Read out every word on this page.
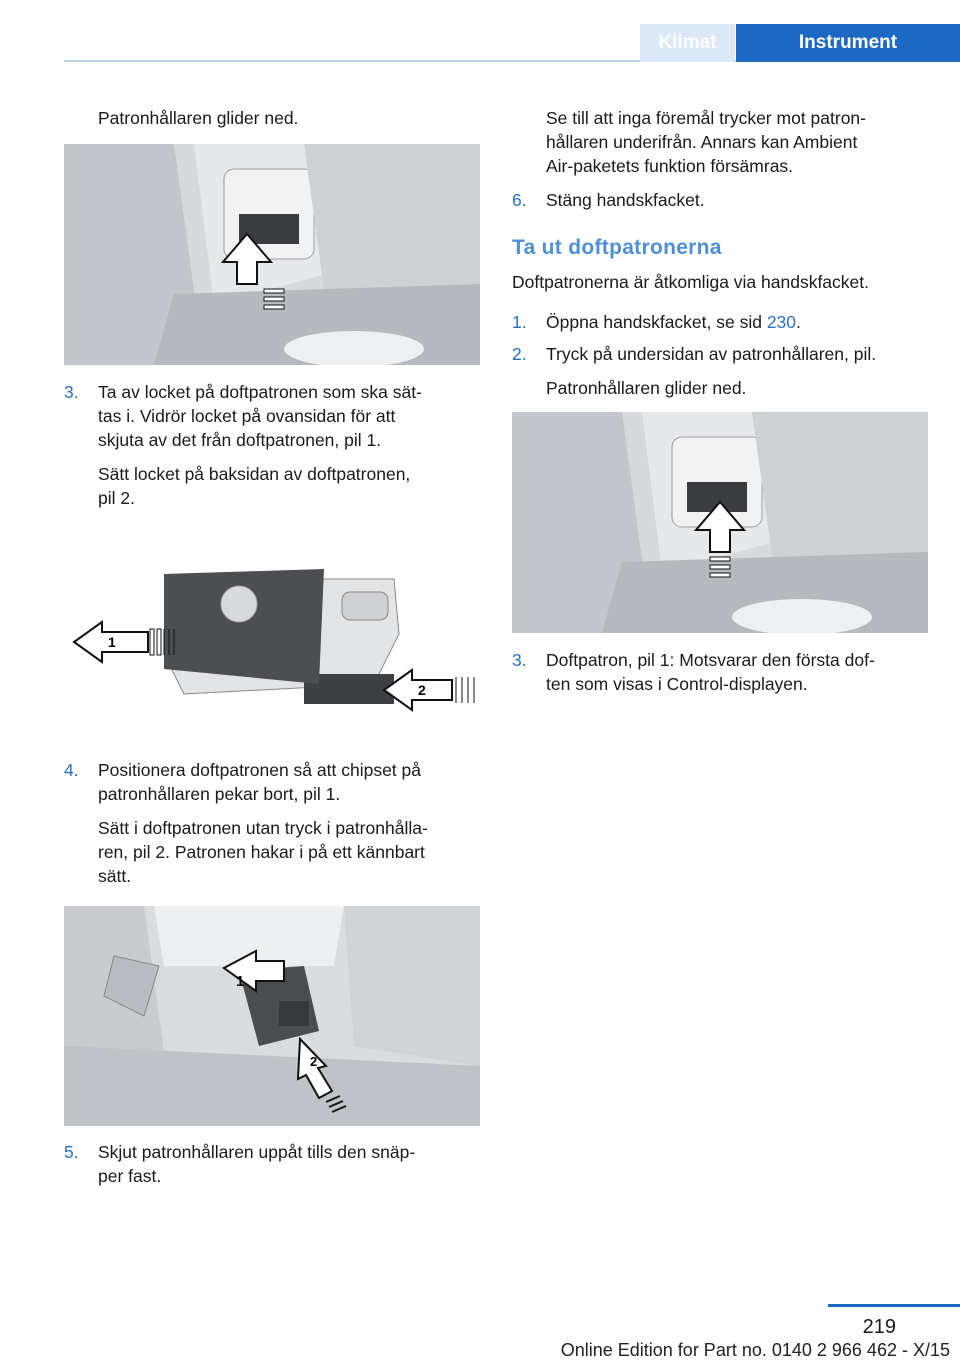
Klimat	Instrument
Patronhållaren glider ned.
3. Ta av locket på doftpatronen som ska sät‐

tas i. Vidrör locket på ovansidan för att

skjuta av det från doftpatronen, pil 1.

Sätt locket på baksidan av doftpatronen,

pil 2.

1
2
4. Positionera doftpatronen så att chipset på

patronhållaren pekar bort, pil 1.

Sätt i doftpatronen utan tryck i patronhålla‐

ren, pil 2. Patronen hakar i på ett kännbart

sätt.

1
2
5. Skjut patronhållaren uppåt tills den snäp‐

per fast.

Se till att inga föremål trycker mot patron‐

hållaren underifrån. Annars kan Ambient

Air-paketets funktion försämras.

6. Stäng handskfacket.

Ta ut doftpatronerna
Doftpatronerna är åtkomliga via handskfacket.
1. Öppna handskfacket, se sid 230.

2. Tryck på undersidan av patronhållaren, pil.

Patronhållaren glider ned.

3. Doftpatron, pil 1: Motsvarar den första dof‐

ten som visas i Control-displayen.

219
Online Edition for Part no. 0140 2 966 462 - X/15
